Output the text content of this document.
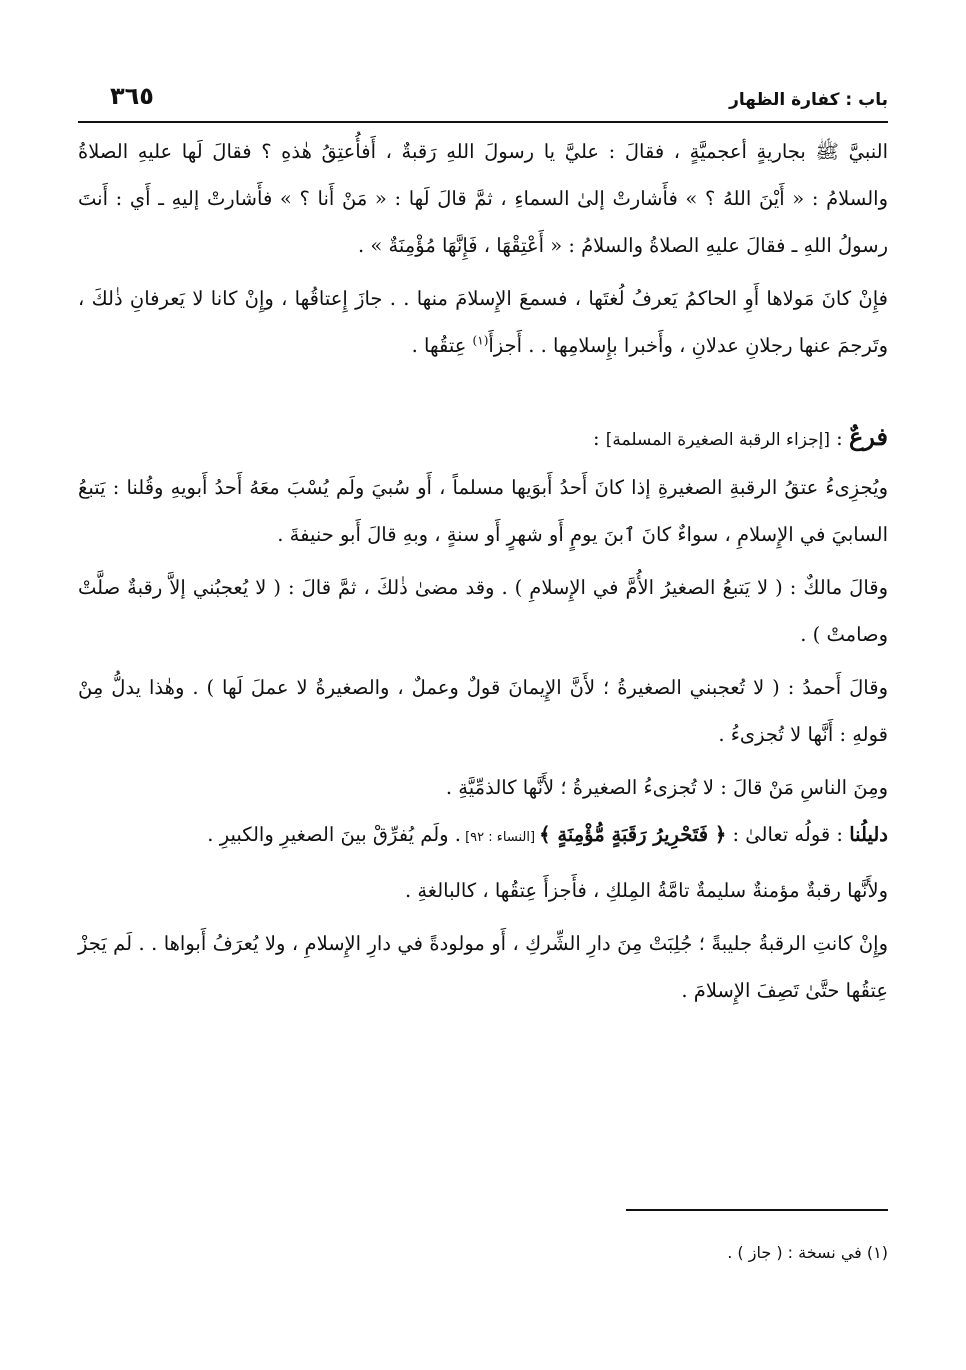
باب : كفارة الظهار
٣٦٥

النبيَّ ﷺ بجاريةٍ أعجميَّةٍ ، فقالَ : عليَّ يا رسولَ اللهِ رَقبةٌ ، أَفأُعتِقُ هٰذهِ ؟ فقالَ لَها عليهِ الصلاةُ والسلامُ : « أَيْنَ اللهُ ؟ » فأَشارتْ إلىٰ السماءِ ، ثمَّ قالَ لَها : « مَنْ أَنا ؟ » فأَشارتْ إليهِ ـ أَي : أَنتَ رسولُ اللهِ ـ فقالَ عليهِ الصلاةُ والسلامُ : « أَعْتِقْهَا ، فَإِنَّهَا مُؤْمِنَةٌ » .

فإِنْ كانَ مَولاها أَوِ الحاكمُ يَعرفُ لُغتَها ، فسمعَ الإِسلامَ منها . . جازَ إِعتاقُها ، وإِنْ كانا لا يَعرفانِ ذٰلكَ ، وتَرجمَ عنها رجلانِ عدلانِ ، وأَخبرا بإِسلامِها . . أَجزأَ$^{(١)}$ عِتقُها .

فرعٌ : [إجزاء الرقبة الصغيرة المسلمة] :

ويُجزِىءُ عتقُ الرقبةِ الصغيرةِ إذا كانَ أَحدُ أَبوَيها مسلماً ، أَو سُبيَ ولَم يُسْبَ معَهُ أَحدُ أَبويهِ وقُلنا : يَتبعُ السابيَ في الإِسلامِ ، سواءٌ كانَ ٱبنَ يومٍ أَو شهرٍ أَو سنةٍ ، وبهِ قالَ أَبو حنيفةَ .

وقالَ مالكٌ : ( لا يَتبعُ الصغيرُ الأُمَّ في الإِسلامِ ) . وقد مضىٰ ذٰلكَ ، ثمَّ قالَ : ( لا يُعجبُني إلاَّ رقبةٌ صلَّتْ وصامتْ ) .

وقالَ أَحمدُ : ( لا تُعجبني الصغيرةُ ؛ لأَنَّ الإِيمانَ قولٌ وعملٌ ، والصغيرةُ لا عملَ لَها ) . وهٰذا يدلُّ مِنْ قولهِ : أَنَّها لا تُجزىءُ .

ومِنَ الناسِ مَنْ قالَ : لا تُجزىءُ الصغيرةُ ؛ لأَنَّها كالذمِّيَّةِ .

دليلُنا : قولُه تعالىٰ : ﴿ فَتَحْرِيرُ رَقَبَةٍ مُّؤْمِنَةٍ ﴾ [النساء : ٩٢] . ولَم يُفرِّقْ بينَ الصغيرِ والكبيرِ .

ولأَنَّها رقبةٌ مؤمنةٌ سليمةٌ تامَّةُ المِلكِ ، فأَجزأَ عِتقُها ، كالبالغةِ .

وإِنْ كانتِ الرقبةُ جليبةً ؛ جُلِبَتْ مِنَ دارِ الشِّركِ ، أَو مولودةً في دارِ الإِسلامِ ، ولا يُعرَفُ أَبواها . . لَم يَجزْ عِتقُها حتَّىٰ تَصِفَ الإِسلامَ .

(١) في نسخة : ( جاز ) .
